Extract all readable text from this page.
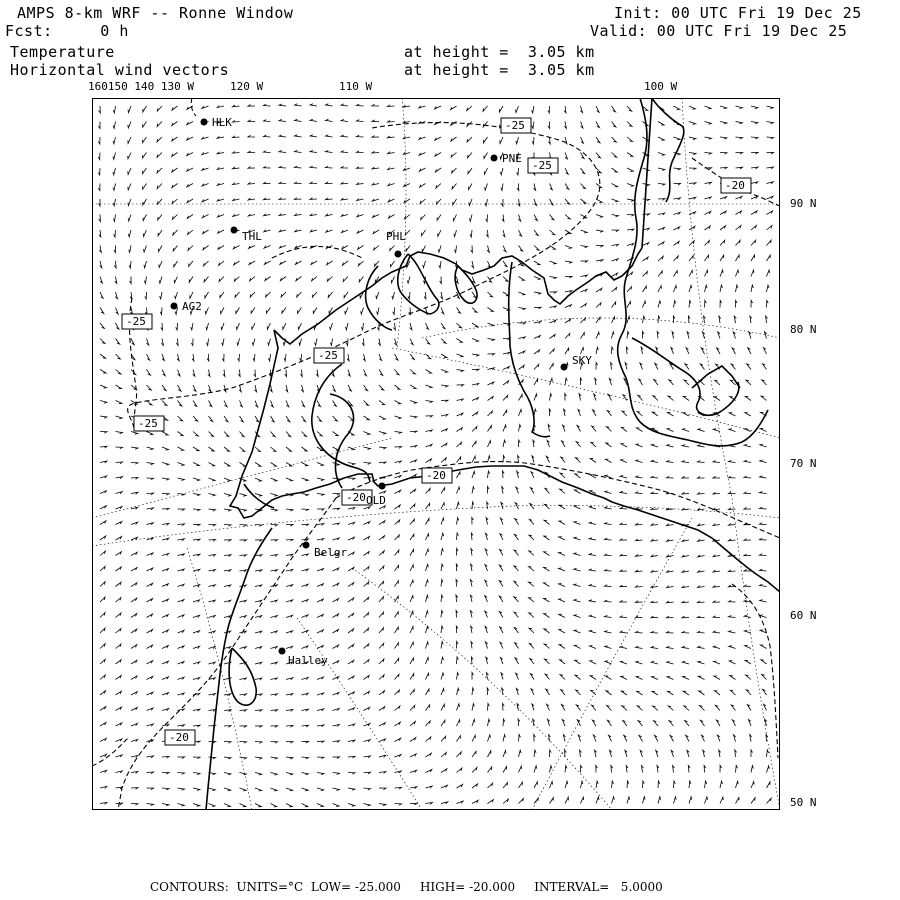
AMPS 8-km WRF -- Ronne Window
Fcst:     0 h
Init: 00 UTC Fri 19 Dec 25
Valid: 00 UTC Fri 19 Dec 25
Temperature
Horizontal wind vectors
at height =  3.05 km
at height =  3.05 km
160150 140 130 W	120 W	110 W	100 W
90 N
80 N
70 N
60 N
50 N
-25
-25
-20
-25
-25
-25
-20
-20
-20
HLK
PNE
THL	PHL
AG2
SKY
OLD
Belgr
Halley
CONTOURS:  UNITS=°C  LOW= -25.000     HIGH= -20.000     INTERVAL=   5.0000
